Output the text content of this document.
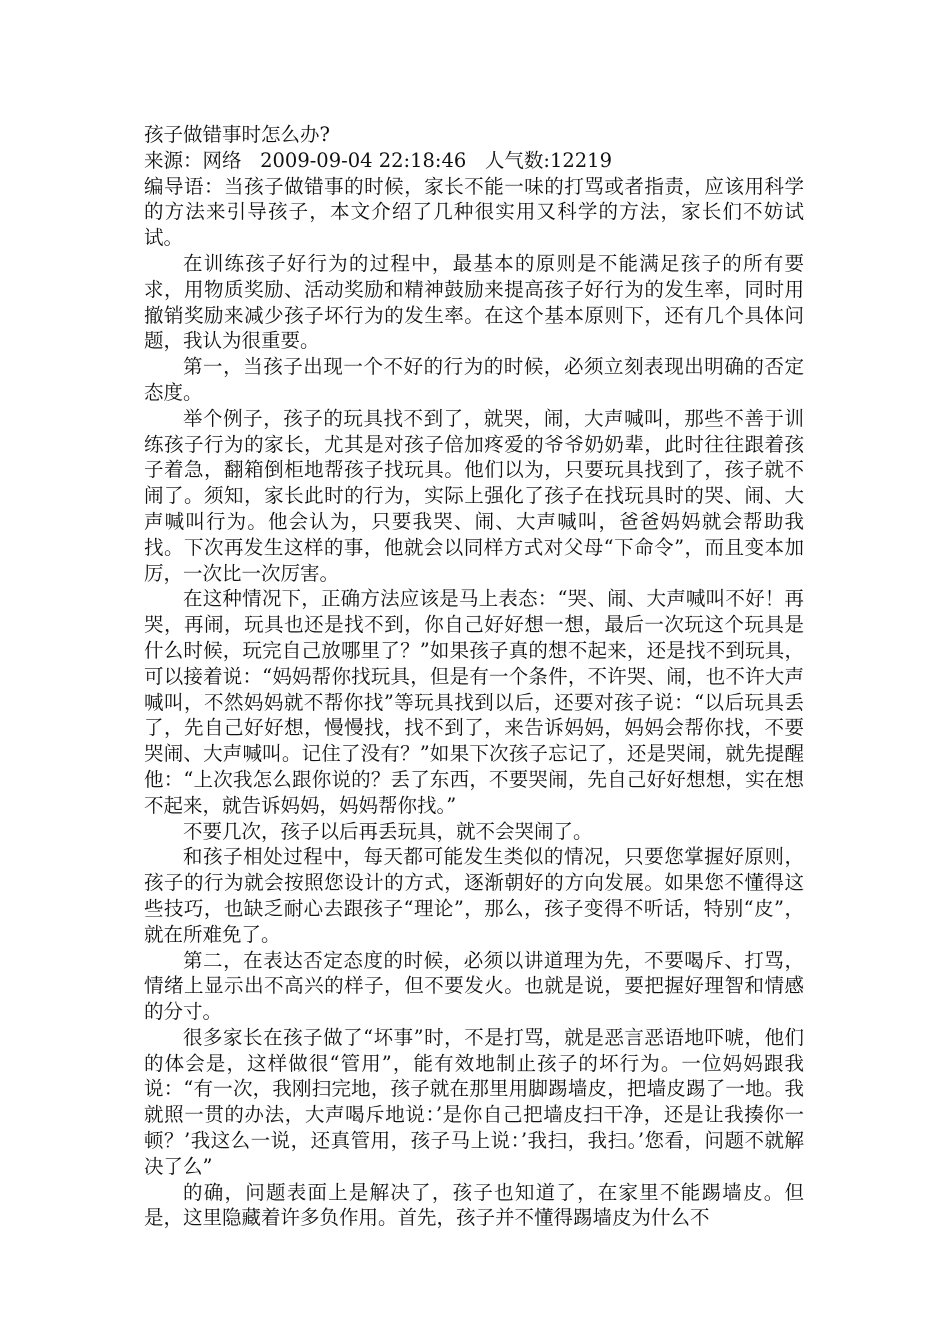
孩子做错事时怎么办?

来源：网络   2009-09-04 22:18:46   人气数:12219

编导语：当孩子做错事的时候，家长不能一味的打骂或者指责，应该用科学的方法来引导孩子，本文介绍了几种很实用又科学的方法，家长们不妨试试。

在训练孩子好行为的过程中，最基本的原则是不能满足孩子的所有要求，用物质奖励、活动奖励和精神鼓励来提高孩子好行为的发生率，同时用撤销奖励来减少孩子坏行为的发生率。在这个基本原则下，还有几个具体问题，我认为很重要。

第一，当孩子出现一个不好的行为的时候，必须立刻表现出明确的否定态度。

举个例子，孩子的玩具找不到了，就哭，闹，大声喊叫，那些不善于训练孩子行为的家长，尤其是对孩子倍加疼爱的爷爷奶奶辈，此时往往跟着孩子着急，翻箱倒柜地帮孩子找玩具。他们以为，只要玩具找到了，孩子就不闹了。须知，家长此时的行为，实际上强化了孩子在找玩具时的哭、闹、大声喊叫行为。他会认为，只要我哭、闹、大声喊叫，爸爸妈妈就会帮助我找。下次再发生这样的事，他就会以同样方式对父母“下命令”，而且变本加厉，一次比一次厉害。

在这种情况下，正确方法应该是马上表态：“哭、闹、大声喊叫不好！再哭，再闹，玩具也还是找不到，你自己好好想一想，最后一次玩这个玩具是什么时候，玩完自己放哪里了？”如果孩子真的想不起来，还是找不到玩具，可以接着说：“妈妈帮你找玩具，但是有一个条件，不许哭、闹，也不许大声喊叫，不然妈妈就不帮你找”等玩具找到以后，还要对孩子说：“以后玩具丢了，先自己好好想，慢慢找，找不到了，来告诉妈妈，妈妈会帮你找，不要哭闹、大声喊叫。记住了没有？”如果下次孩子忘记了，还是哭闹，就先提醒他：“上次我怎么跟你说的？丢了东西，不要哭闹，先自己好好想想，实在想不起来，就告诉妈妈，妈妈帮你找。”

不要几次，孩子以后再丢玩具，就不会哭闹了。

和孩子相处过程中，每天都可能发生类似的情况，只要您掌握好原则，孩子的行为就会按照您设计的方式，逐渐朝好的方向发展。如果您不懂得这些技巧，也缺乏耐心去跟孩子“理论”，那么，孩子变得不听话，特别“皮”，就在所难免了。

第二，在表达否定态度的时候，必须以讲道理为先，不要喝斥、打骂，情绪上显示出不高兴的样子，但不要发火。也就是说，要把握好理智和情感的分寸。

很多家长在孩子做了“坏事”时，不是打骂，就是恶言恶语地吓唬，他们的体会是，这样做很“管用”，能有效地制止孩子的坏行为。一位妈妈跟我说：“有一次，我刚扫完地，孩子就在那里用脚踢墙皮，把墙皮踢了一地。我就照一贯的办法，大声喝斥地说：’是你自己把墙皮扫干净，还是让我揍你一顿？’我这么一说，还真管用，孩子马上说：’我扫，我扫。’您看，问题不就解决了么”

的确，问题表面上是解决了，孩子也知道了，在家里不能踢墙皮。但是，这里隐藏着许多负作用。首先，孩子并不懂得踢墙皮为什么不
